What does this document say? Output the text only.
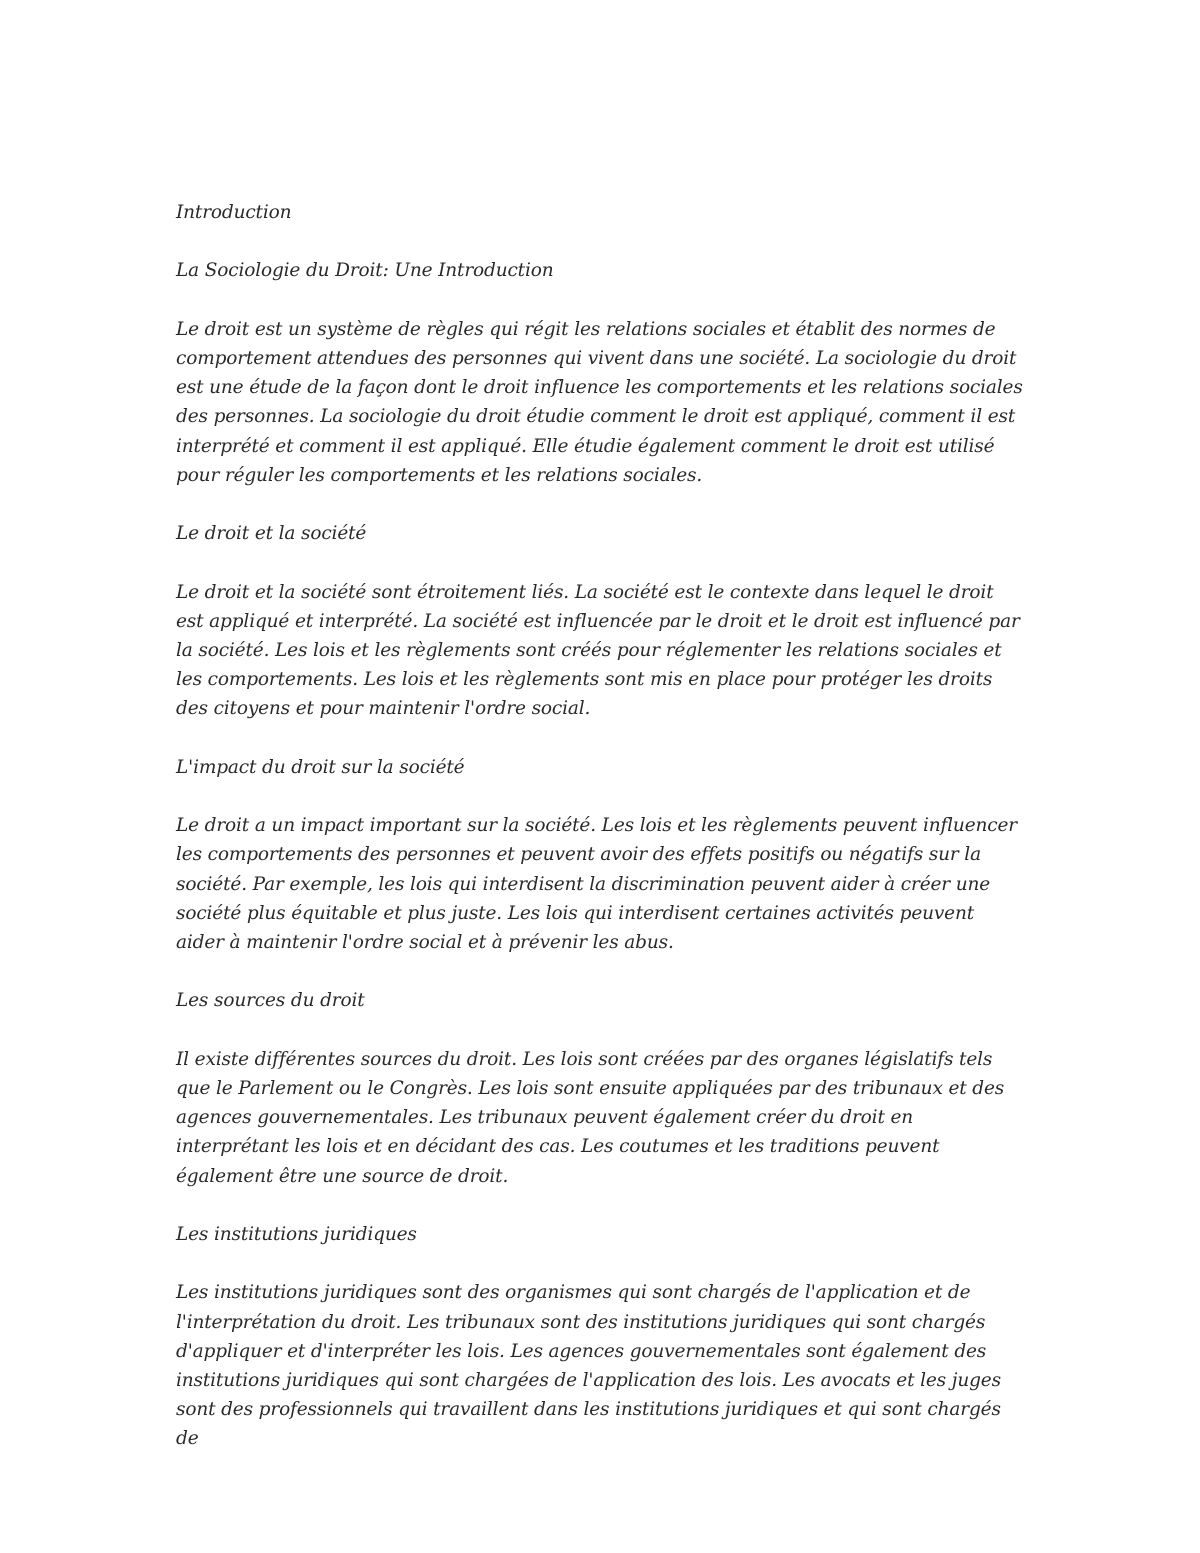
Introduction

La Sociologie du Droit: Une Introduction

Le droit est un système de règles qui régit les relations sociales et établit des normes de comportement attendues des personnes qui vivent dans une société. La sociologie du droit est une étude de la façon dont le droit influence les comportements et les relations sociales des personnes. La sociologie du droit étudie comment le droit est appliqué, comment il est interprété et comment il est appliqué. Elle étudie également comment le droit est utilisé pour réguler les comportements et les relations sociales.

Le droit et la société

Le droit et la société sont étroitement liés. La société est le contexte dans lequel le droit est appliqué et interprété. La société est influencée par le droit et le droit est influencé par la société. Les lois et les règlements sont créés pour réglementer les relations sociales et les comportements. Les lois et les règlements sont mis en place pour protéger les droits des citoyens et pour maintenir l'ordre social.

L'impact du droit sur la société

Le droit a un impact important sur la société. Les lois et les règlements peuvent influencer les comportements des personnes et peuvent avoir des effets positifs ou négatifs sur la société. Par exemple, les lois qui interdisent la discrimination peuvent aider à créer une société plus équitable et plus juste. Les lois qui interdisent certaines activités peuvent aider à maintenir l'ordre social et à prévenir les abus.

Les sources du droit

Il existe différentes sources du droit. Les lois sont créées par des organes législatifs tels que le Parlement ou le Congrès. Les lois sont ensuite appliquées par des tribunaux et des agences gouvernementales. Les tribunaux peuvent également créer du droit en interprétant les lois et en décidant des cas. Les coutumes et les traditions peuvent également être une source de droit.

Les institutions juridiques

Les institutions juridiques sont des organismes qui sont chargés de l'application et de l'interprétation du droit. Les tribunaux sont des institutions juridiques qui sont chargés d'appliquer et d'interpréter les lois. Les agences gouvernementales sont également des institutions juridiques qui sont chargées de l'application des lois. Les avocats et les juges sont des professionnels qui travaillent dans les institutions juridiques et qui sont chargés de
